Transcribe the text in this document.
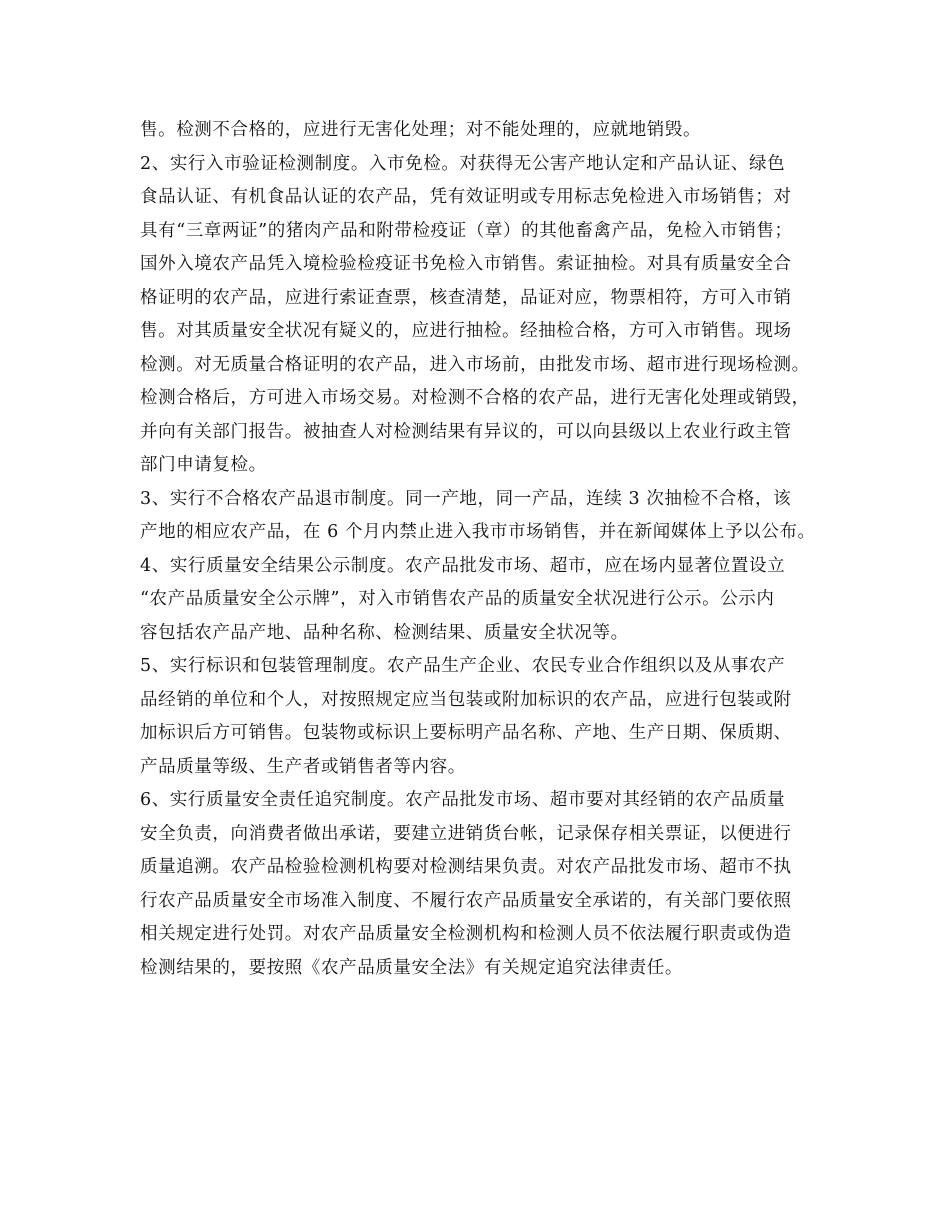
售。检测不合格的，应进行无害化处理；对不能处理的，应就地销毁。
2、实行入市验证检测制度。入市免检。对获得无公害产地认定和产品认证、绿色
食品认证、有机食品认证的农产品，凭有效证明或专用标志免检进入市场销售；对
具有“三章两证”的猪肉产品和附带检疫证（章）的其他畜禽产品，免检入市销售；
国外入境农产品凭入境检验检疫证书免检入市销售。索证抽检。对具有质量安全合
格证明的农产品，应进行索证查票，核查清楚，品证对应，物票相符，方可入市销
售。对其质量安全状况有疑义的，应进行抽检。经抽检合格，方可入市销售。现场
检测。对无质量合格证明的农产品，进入市场前，由批发市场、超市进行现场检测。
检测合格后，方可进入市场交易。对检测不合格的农产品，进行无害化处理或销毁，
并向有关部门报告。被抽查人对检测结果有异议的，可以向县级以上农业行政主管
部门申请复检。
3、实行不合格农产品退市制度。同一产地，同一产品，连续 3 次抽检不合格，该
产地的相应农产品，在 6 个月内禁止进入我市市场销售，并在新闻媒体上予以公布。
4、实行质量安全结果公示制度。农产品批发市场、超市，应在场内显著位置设立
“农产品质量安全公示牌”，对入市销售农产品的质量安全状况进行公示。公示内
容包括农产品产地、品种名称、检测结果、质量安全状况等。
5、实行标识和包装管理制度。农产品生产企业、农民专业合作组织以及从事农产
品经销的单位和个人，对按照规定应当包装或附加标识的农产品，应进行包装或附
加标识后方可销售。包装物或标识上要标明产品名称、产地、生产日期、保质期、
产品质量等级、生产者或销售者等内容。
6、实行质量安全责任追究制度。农产品批发市场、超市要对其经销的农产品质量
安全负责，向消费者做出承诺，要建立进销货台帐，记录保存相关票证，以便进行
质量追溯。农产品检验检测机构要对检测结果负责。对农产品批发市场、超市不执
行农产品质量安全市场准入制度、不履行农产品质量安全承诺的，有关部门要依照
相关规定进行处罚。对农产品质量安全检测机构和检测人员不依法履行职责或伪造
检测结果的，要按照《农产品质量安全法》有关规定追究法律责任。
